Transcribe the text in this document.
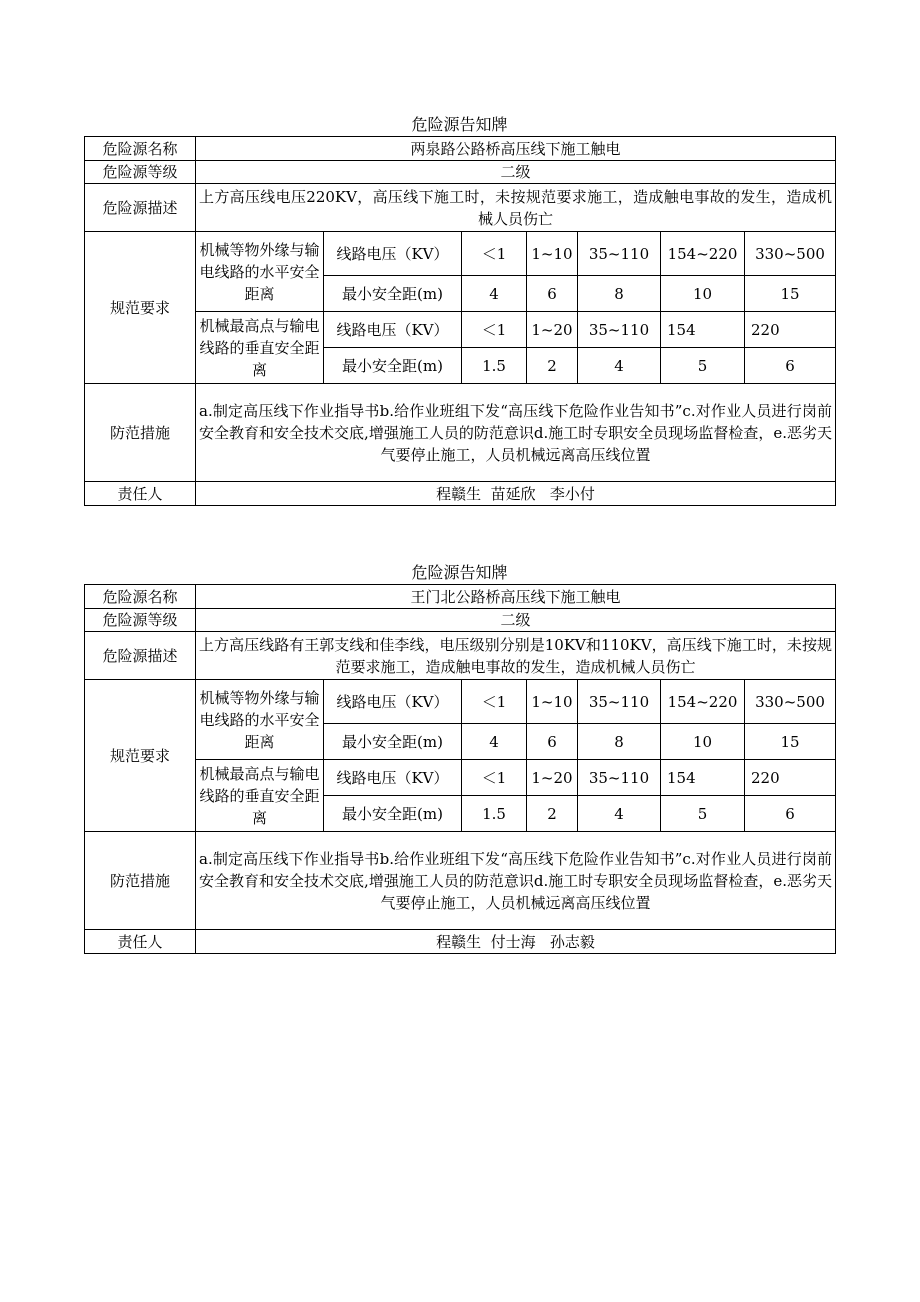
危险源告知牌
危险源名称	两泉路公路桥高压线下施工触电						
危险源等级	二级						
危险源描述	上方高压线电压220KV，高压线下施工时，未按规范要求施工，造成触电事故的发生，造成机械人员伤亡						
规范要求	机械等物外缘与输电线路的水平安全距离	线路电压（KV）	＜1	1~10	35~110	154~220	330~500
		最小安全距(m)	4	6	8	10	15
	机械最高点与输电线路的垂直安全距离	线路电压（KV）	＜1	1~20	35~110	154	220
		最小安全距(m)	1.5	2	4	5	6
防范措施	a.制定高压线下作业指导书b.给作业班组下发“高压线下危险作业告知书”c.对作业人员进行岗前安全教育和安全技术交底,增强施工人员的防范意识d.施工时专职安全员现场监督检查，e.恶劣天气要停止施工，人员机械远离高压线位置						
责任人	程赣生  苗延欣   李小付						
危险源告知牌
危险源名称	王门北公路桥高压线下施工触电						
危险源等级	二级						
危险源描述	上方高压线路有王郭支线和佳李线，电压级别分别是10KV和110KV，高压线下施工时，未按规范要求施工，造成触电事故的发生，造成机械人员伤亡						
规范要求	机械等物外缘与输电线路的水平安全距离	线路电压（KV）	＜1	1~10	35~110	154~220	330~500
		最小安全距(m)	4	6	8	10	15
	机械最高点与输电线路的垂直安全距离	线路电压（KV）	＜1	1~20	35~110	154	220
		最小安全距(m)	1.5	2	4	5	6
防范措施	a.制定高压线下作业指导书b.给作业班组下发“高压线下危险作业告知书”c.对作业人员进行岗前安全教育和安全技术交底,增强施工人员的防范意识d.施工时专职安全员现场监督检查，e.恶劣天气要停止施工，人员机械远离高压线位置						
责任人	程赣生  付士海   孙志毅						
